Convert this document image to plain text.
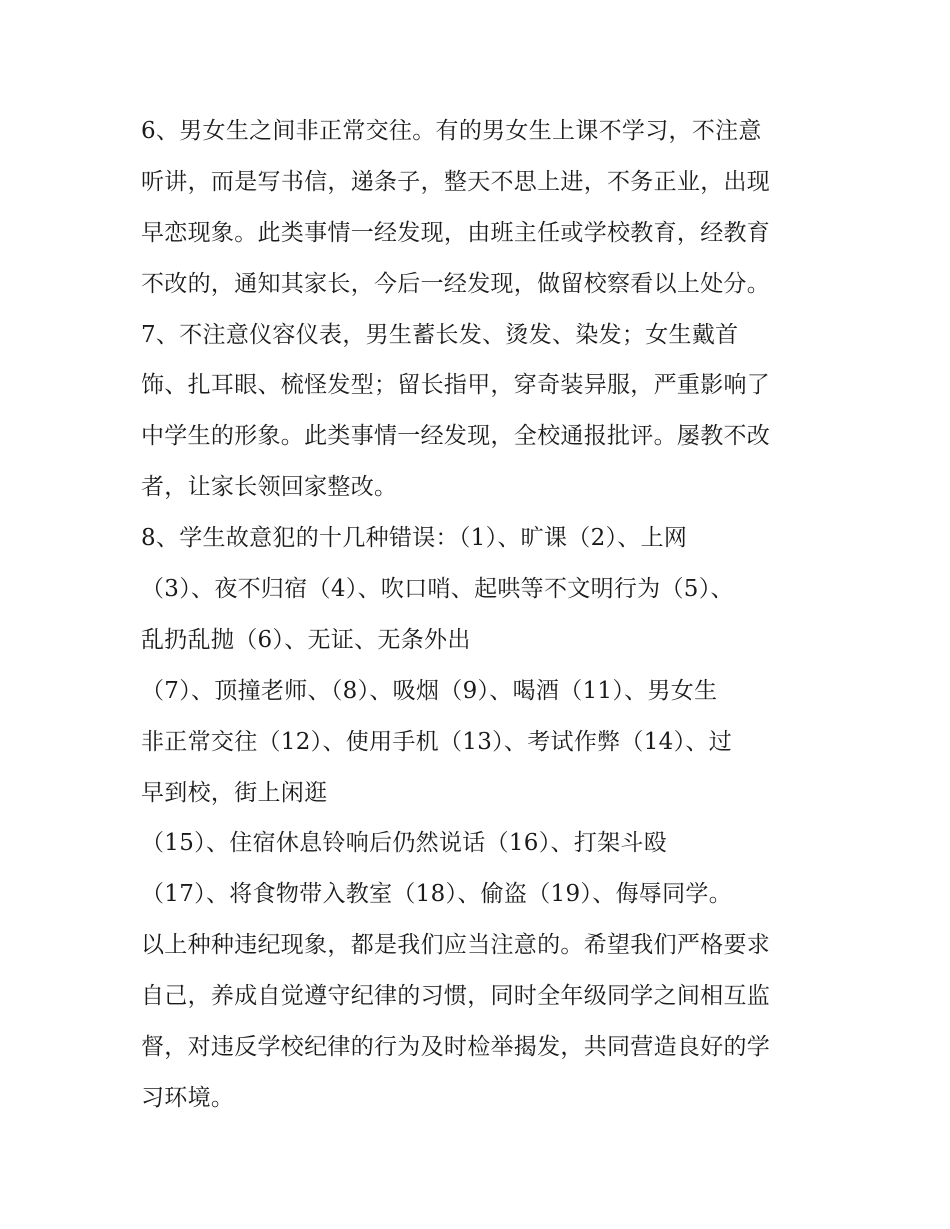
6、男女生之间非正常交往。有的男女生上课不学习，不注意
听讲，而是写书信，递条子，整天不思上进，不务正业，出现
早恋现象。此类事情一经发现，由班主任或学校教育，经教育
不改的，通知其家长，今后一经发现，做留校察看以上处分。
7、不注意仪容仪表，男生蓄长发、烫发、染发；女生戴首
饰、扎耳眼、梳怪发型；留长指甲，穿奇装异服，严重影响了
中学生的形象。此类事情一经发现，全校通报批评。屡教不改
者，让家长领回家整改。
8、学生故意犯的十几种错误：（1）、旷课（2）、上网
（3）、夜不归宿（4）、吹口哨、起哄等不文明行为（5）、
乱扔乱抛（6）、无证、无条外出
（7）、顶撞老师、（8）、吸烟（9）、喝酒（11）、男女生
非正常交往（12）、使用手机（13）、考试作弊（14）、过
早到校，街上闲逛
（15）、住宿休息铃响后仍然说话（16）、打架斗殴
（17）、将食物带入教室（18）、偷盗（19）、侮辱同学。
以上种种违纪现象，都是我们应当注意的。希望我们严格要求
自己，养成自觉遵守纪律的习惯，同时全年级同学之间相互监
督，对违反学校纪律的行为及时检举揭发，共同营造良好的学
习环境。
